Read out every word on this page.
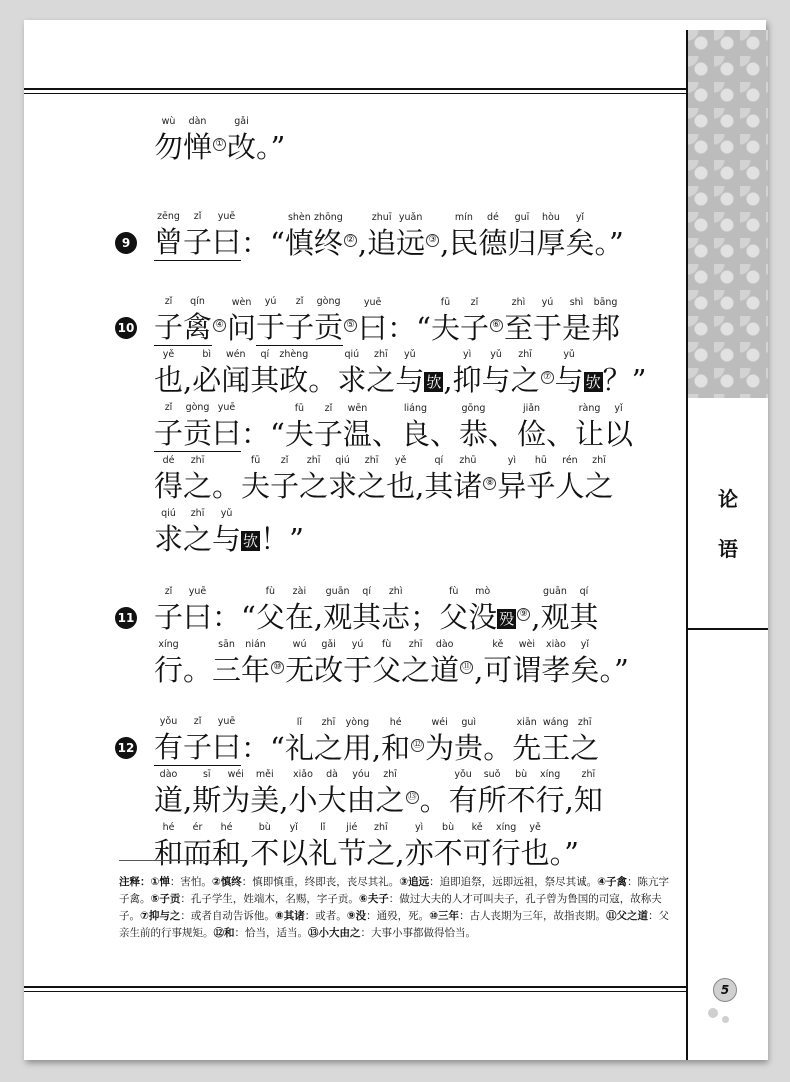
wù
勿
dàn
惮 ①
gǎi
改 。”
zēng
曾
zǐ
子
yuē
曰 ：“
shèn
慎
zhōng
终 ② ,
zhuī
追
yuǎn
远 ③ ,
mín
民
dé
德
guī
归
hòu
厚
yǐ
矣 。”
9
zǐ
子
qín
禽 ④
wèn
问
yú
于
zǐ
子
gòng
贡 ⑤
yuē
曰 ：“
fū
夫
zǐ
子 ⑥
zhì
至
yú
于
shì
是
bāng
邦
10
yě
也 ,
bì
必
wén
闻
qí
其
zhèng
政 。
qiú
求
zhī
之
yǔ
与 欤 ,
yì
抑
yǔ
与
zhī
之 ⑦
yǔ
与 欤 ？”
zǐ
子
gòng
贡
yuē
曰 ：“
fū
夫
zǐ
子
wēn
温 、
liáng
良 、
gōng
恭 、
jiǎn
俭 、
ràng
让
yǐ
以
dé
得
zhī
之 。
fū
夫
zǐ
子
zhī
之
qiú
求
zhī
之
yě
也 ,
qí
其
zhū
诸 ⑧
yì
异
hū
乎
rén
人
zhī
之
qiú
求
zhī
之
yǔ
与 欤 ！”
zǐ
子
yuē
曰 ：“
fù
父
zài
在 ,
guān
观
qí
其
zhì
志 ；
fù
父
mò
没 殁 ⑨ ,
guān
观
qí
其
11
xíng
行 。
sān
三
nián
年 ⑩
wú
无
gǎi
改
yú
于
fù
父
zhī
之
dào
道 ⑪ ,
kě
可
wèi
谓
xiào
孝
yǐ
矣 。”
yǒu
有
zǐ
子
yuē
曰 ：“
lǐ
礼
zhī
之
yòng
用 ,
hé
和 ⑫
wéi
为
guì
贵 。
xiān
先
wáng
王
zhī
之
12
dào
道 ,
sī
斯
wéi
为
měi
美 ,
xiǎo
小
dà
大
yóu
由
zhī
之 ⑬ 。
yǒu
有
suǒ
所
bù
不
xíng
行 ,
zhī
知
hé
和
ér
而
hé
和 ,
bù
不
yǐ
以
lǐ
礼
jié
节
zhī
之 ,
yì
亦
bù
不
kě
可
xíng
行
yě
也 。”
注释：①惮：害怕。②慎终：慎即慎重，终即丧，丧尽其礼。③追远：追即追祭，远即远祖，祭尽其诚。④子禽：陈亢字子禽。⑤子贡：孔子学生，姓端木，名赐，字子贡。⑥夫子：做过大夫的人才可叫夫子，孔子曾为鲁国的司寇，故称夫子。⑦抑与之：或者自动告诉他。⑧其诸：或者。⑨没：通殁，死。⑩三年：古人丧期为三年，故指丧期。⑪父之道：父亲生前的行事规矩。⑫和：恰当，适当。⑬小大由之：大事小事都做得恰当。
论
语
5
